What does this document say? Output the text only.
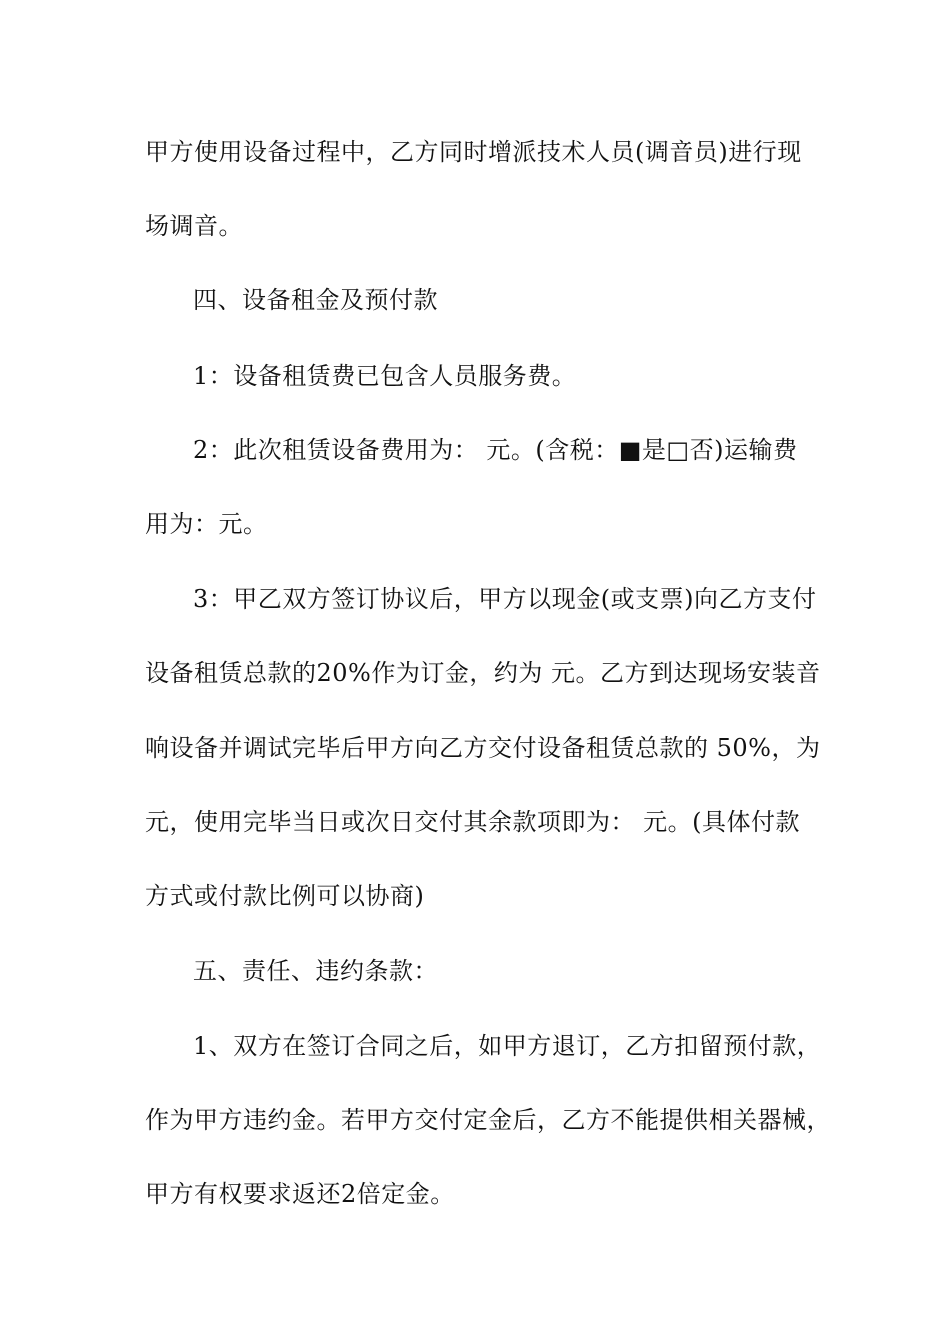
甲方使用设备过程中，乙方同时增派技术人员(调音员)进行现
场调音。
四、设备租金及预付款
1：设备租赁费已包含人员服务费。
2：此次租赁设备费用为： 元。(含税：■是□否)运输费
用为：元。
3：甲乙双方签订协议后，甲方以现金(或支票)向乙方支付
设备租赁总款的20%作为订金，约为 元。乙方到达现场安装音
响设备并调试完毕后甲方向乙方交付设备租赁总款的 50%，为
元，使用完毕当日或次日交付其余款项即为： 元。(具体付款
方式或付款比例可以协商)
五、责任、违约条款：
1、双方在签订合同之后，如甲方退订，乙方扣留预付款，
作为甲方违约金。若甲方交付定金后，乙方不能提供相关器械，
甲方有权要求返还2倍定金。
